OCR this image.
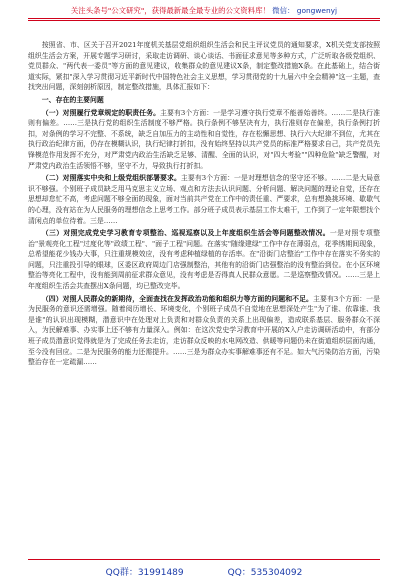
关注头条号"公文研究"，获得最新最全最专业的公文资料库！ 微信： gongwenyj

按照省、市、区关于召开2021年度机关基层党组织组织生活会和民主评议党员的通知要求，X机关党支部按照组织生活会方案，开展专题学习研讨，采取走访调研、谈心谈话、书面征求意见等多种方式，广泛听取各级党组织、党员群众、"两代表一委员"等方面的意见建议，收集群众的意见建议X条，制定整改措施X条。在此基础上，结合街道实际，紧扣"深入学习贯彻习近平新时代中国特色社会主义思想，学习贯彻党的十九届六中全会精神"这一主题，查找突出问题，深刻剖析原因，制定整改措施，具体汇报如下：

一、存在的主要问题

（一）对照履行党章规定的职责任务。主要有3个方面：一是学习遵守执行党章不能善始善终。……二是执行准则有偏差。……三是执行党的组织生活制度不够严格。执行条例不够坚决有力，执行准则存在偏差，执行条例打折扣，对条例的学习不完整、不系统，缺乏自加压力的主动性和自觉性，存在松懈思想、执行六大纪律不到位，尤其在执行政治纪律方面，仍存在模糊认识，执行纪律打折扣，没有始终坚持以共产党员的标准严格要求自己，共产党员先锋模范作用发挥不充分，对严肃党内政治生活缺乏足够、清醒、全面的认识，对"四大考验""四种危险"缺乏警醒，对严肃党内政治生活领悟不够，坚守不力，导致执行打折扣。

（二）对照落实中央和上级党组织部署要求。主要有3个方面：一是对理想信念的坚守还不够。……二是大局意识不够强。个别班子成员缺乏用马克思主义立场、观点和方法去认识问题、分析问题、解决问题的理论自觉，还存在思想却怠忙不高，考虑问题不够全面的现象，面对当前共产党在工作中的责任重、严要求，总有想换挑环境、歇歇气的心理，没有站在为人民服务的理想信念上思考工作。部分班子成员表示基层工作太难干，工作到了一定年限想找个清闲点的单位待着。三是……

（三）对照完成党史学习教育专项整治、巡视巡察以及上年度组织生活会等问题整改情况。一是对照专项整治"景观亮化工程"过度化等"政绩工程"、"面子工程"问题。在落实"随缘建绿"工作中存在薄弱点，花季绣期间现象，总希望能花少钱办大事，只注重规模效应，没有考虑种植绿植的存活率。在"沿街门店整治"工作中存在落实不务实的问题，只注重投引导的眼球，区委区政府周边门店强制整治，其他有的沿街门店强整治的没有整治到位。在小区环境整治等亮化工程中，没有能到周前征求群众意见，没有考虑是否得真人民群众意愿。二是巡察整改情况。……三是上年度组织生活会共查摆出X条问题，均已整改完毕。

（四）对照人民群众的新期待，全面查找在发挥政治功能和组织力等方面的问题和不足。主要有3个方面：一是为民服务的意识还需增强。随着阅历增长、环境变化，个别班子成员不自觉地在思想深处产生"为了谁、依靠谁、我是谁"的认识出现模糊，潜意识中在处理对上负责和对群众负责的关系上出现偏差，造成联系基层、服务群众不深入，为民解难事、办实事上还不够有力量深入。例如：在这次党史学习教育中开展的X入户走访调研活动中，有部分班子成员潜意识觉得就是为了完成任务去走访，走访群众反映的水电网改造、供暖等问题仍未在街道组织层面沟通，至今没有回应。二是为民服务的能力还需提升。……三是为群众办实事解难事还有不足。如大气污染防治方面，污染整治存在一定疏漏……

QQ群：31991489	QQ：535304092
